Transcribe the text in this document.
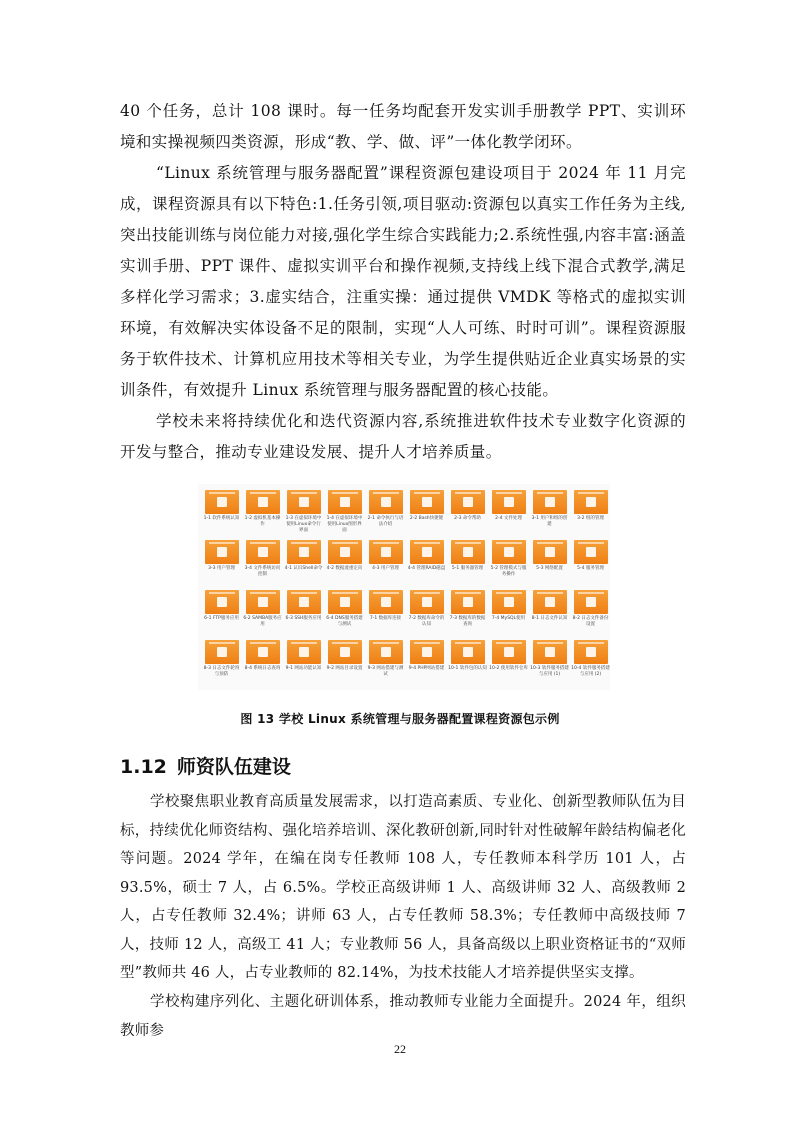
40 个任务，总计 108 课时。每一任务均配套开发实训手册教学 PPT、实训环境和实操视频四类资源，形成“教、学、做、评”一体化教学闭环。

“Linux 系统管理与服务器配置”课程资源包建设项目于 2024 年 11 月完成，课程资源具有以下特色:1.任务引领,项目驱动:资源包以真实工作任务为主线,突出技能训练与岗位能力对接,强化学生综合实践能力;2.系统性强,内容丰富:涵盖实训手册、PPT 课件、虚拟实训平台和操作视频,支持线上线下混合式教学,满足多样化学习需求；3.虚实结合，注重实操：通过提供 VMDK 等格式的虚拟实训环境，有效解决实体设备不足的限制，实现“人人可练、时时可训”。课程资源服务于软件技术、计算机应用技术等相关专业，为学生提供贴近企业真实场景的实训条件，有效提升 Linux 系统管理与服务器配置的核心技能。

学校未来将持续优化和迭代资源内容,系统推进软件技术专业数字化资源的开发与整合，推动专业建设发展、提升人才培养质量。

1-1 软件系统认知	1-2 虚拟机基本操作
1-3 在虚拟环境中使用Linux命令行界面
1-4 在虚拟环境中使用Linux图形界面
2-1 命令执行与语法介绍
2-2 Bash快捷键	2-3 命令帮助	2-4 文件处理	3-1 用户和组的创建
3-2 组的管理
3-3 用户管理	3-4 文件系统访问控制
4-1 认识Shell命令 4-2 数据流重定向	4-3 用户管理	4-4 管理RAID磁盘	5-1 服务器管理	5-2 管理模式与服务操作
5-3 网络配置	5-4 服务管理
6-1 FTP服务应用 6-2 SAMBA服务应用
6-3 SSH服务应用	6-4 DNS服务搭建与测试
7-1 数据库连接	7-2 数据库命令的认知
7-3 数据库的数据查询
7-4 MySQL使用	8-1 日志文件认知	8-2 日志文件备份设置
8-3 日志文件轮询与预防
8-4 系统日志查询	9-1 网站功能认知	9-2 网站目录设置	9-3 网站搭建与测试
9-4 PHP网站搭建 10-1 软件包的认知 10-2 使用软件仓库 10-3 软件服务搭建与应用 (1)
10-4 软件服务搭建与应用 (2)

图 13 学校 Linux 系统管理与服务器配置课程资源包示例

1.12 师资队伍建设

学校聚焦职业教育高质量发展需求，以打造高素质、专业化、创新型教师队伍为目标，持续优化师资结构、强化培养培训、深化教研创新,同时针对性破解年龄结构偏老化等问题。2024 学年，在编在岗专任教师 108 人，专任教师本科学历 101 人，占 93.5%，硕士 7 人，占 6.5%。学校正高级讲师 1 人、高级讲师 32 人、高级教师 2 人，占专任教师 32.4%；讲师 63 人，占专任教师 58.3%；专任教师中高级技师 7 人，技师 12 人，高级工 41 人；专业教师 56 人，具备高级以上职业资格证书的“双师型”教师共 46 人，占专业教师的 82.14%，为技术技能人才培养提供坚实支撑。

学校构建序列化、主题化研训体系，推动教师专业能力全面提升。2024 年，组织教师参

22
